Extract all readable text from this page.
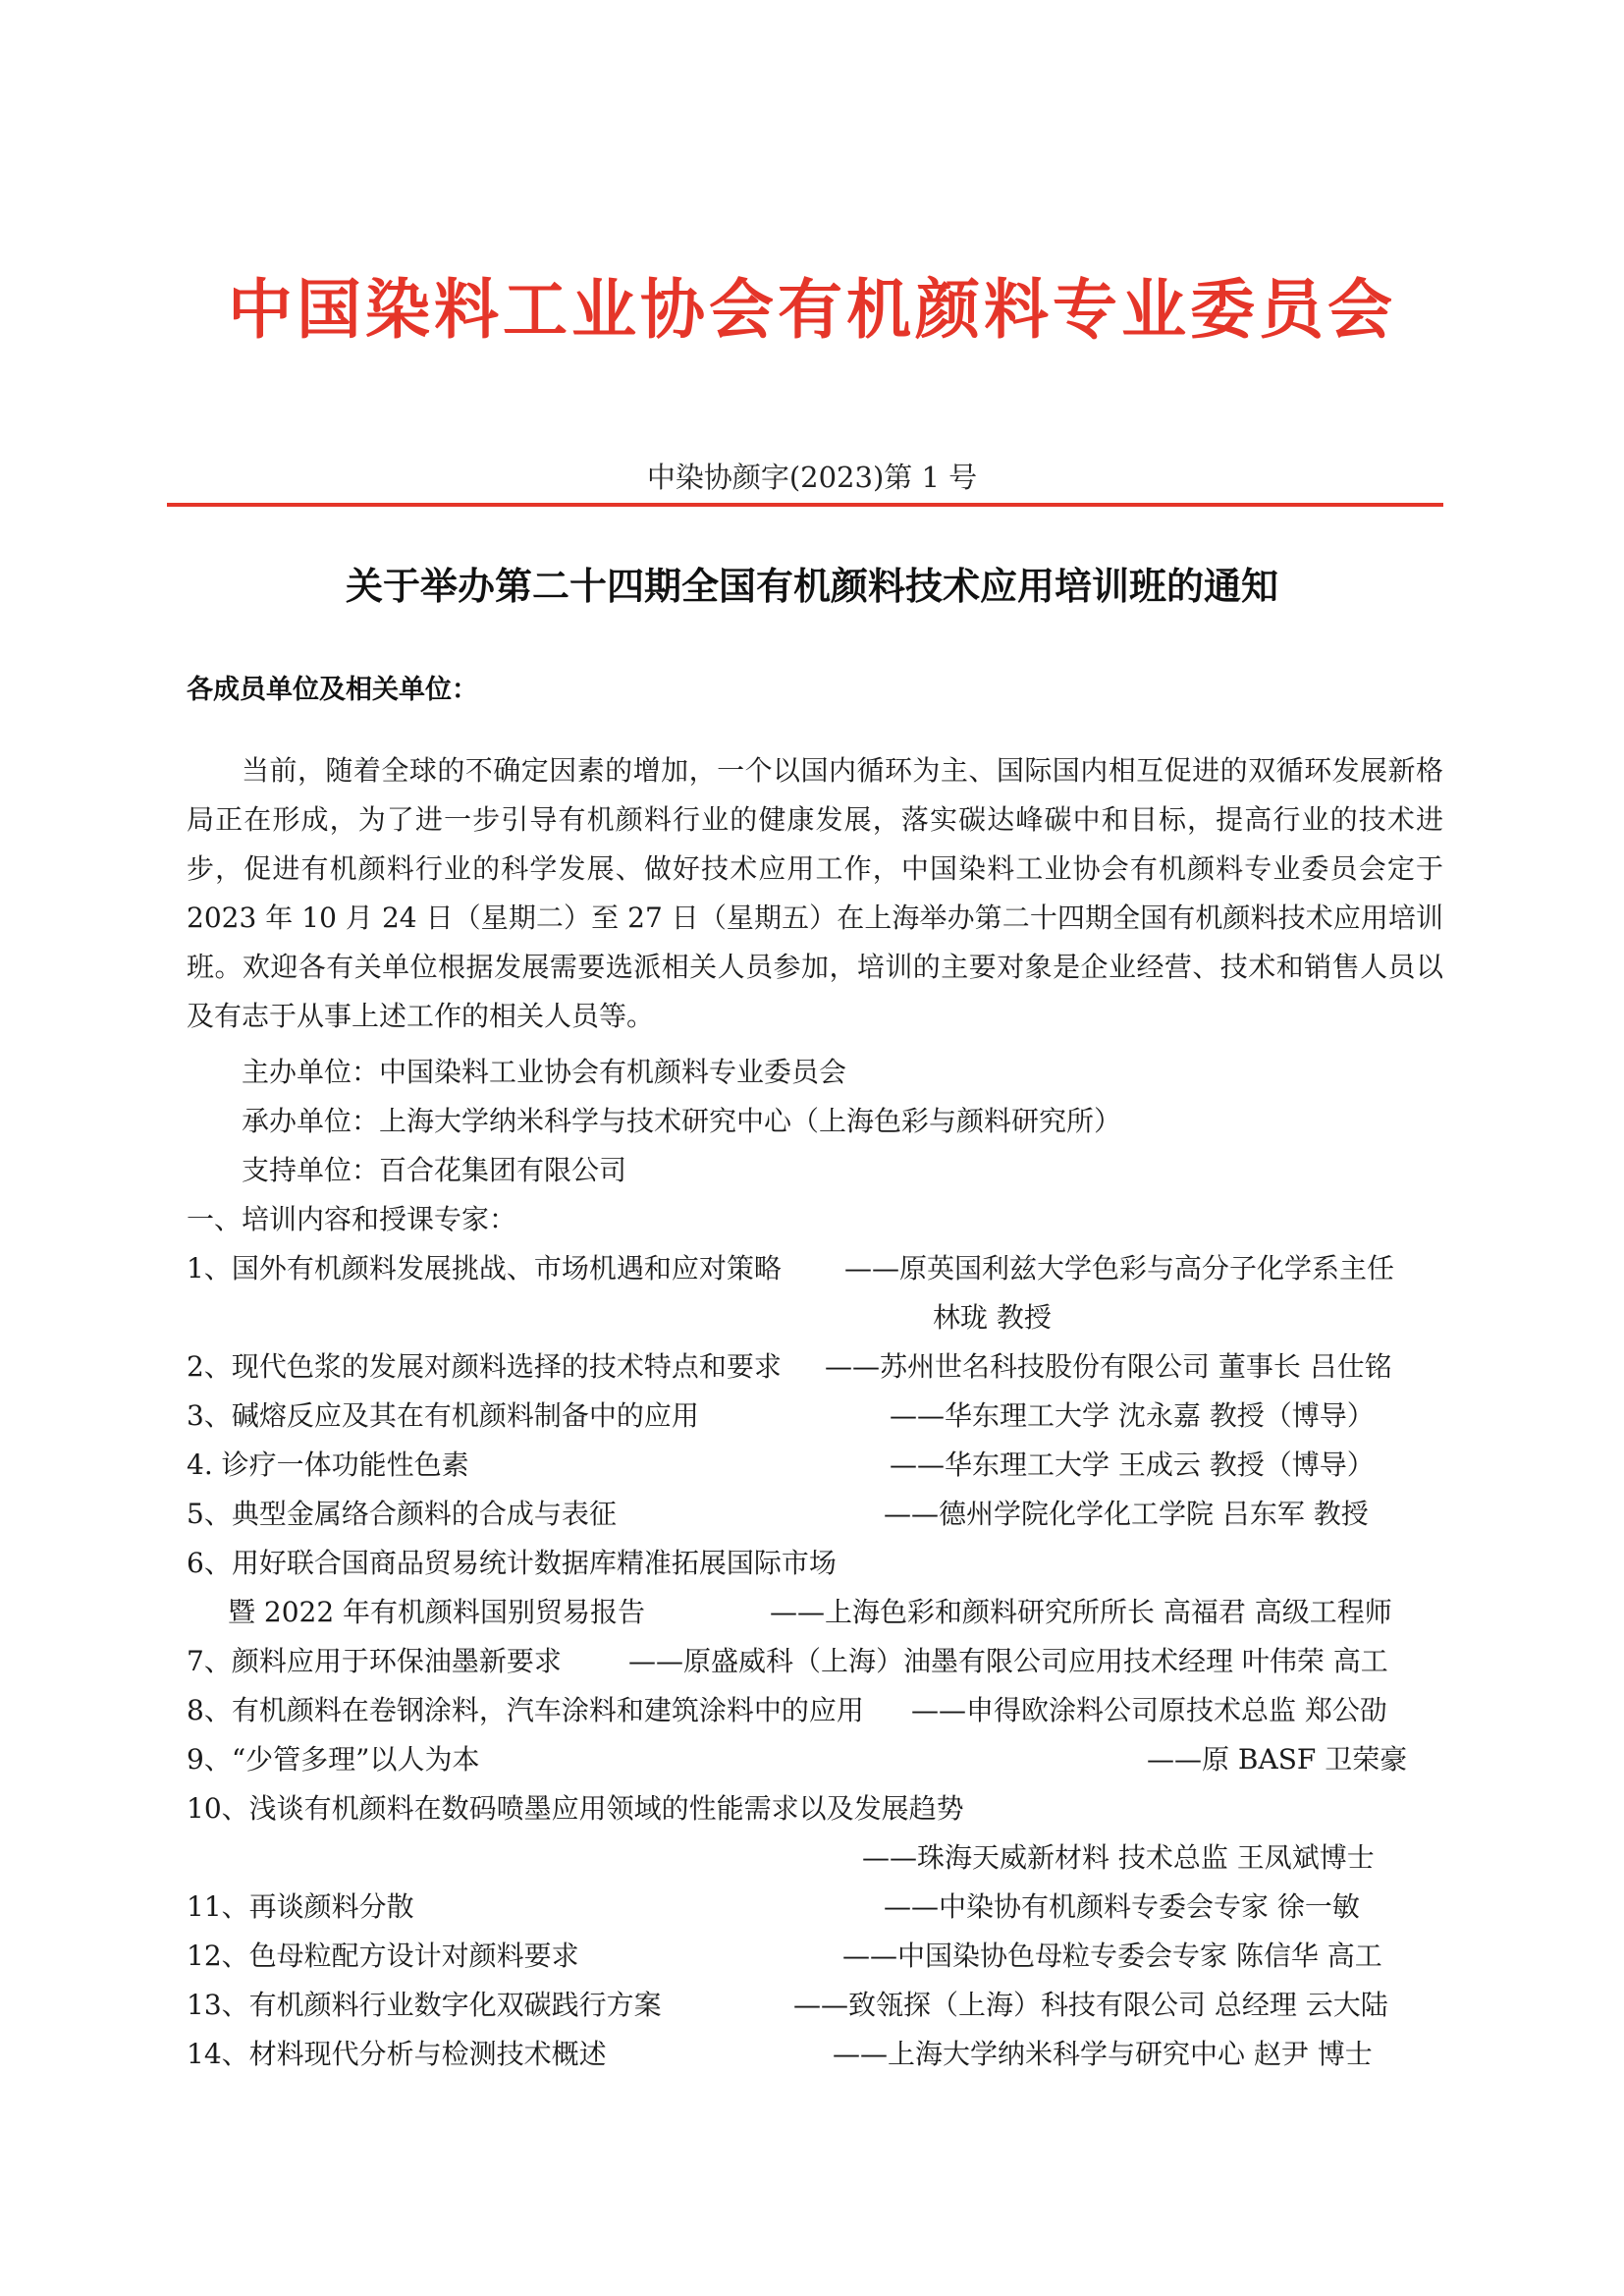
中国染料工业协会有机颜料专业委员会
中染协颜字(2023)第 1 号
关于举办第二十四期全国有机颜料技术应用培训班的通知
各成员单位及相关单位：
当前，随着全球的不确定因素的增加，一个以国内循环为主、国际国内相互促进的双循环发展新格局正在形成，为了进一步引导有机颜料行业的健康发展，落实碳达峰碳中和目标，提高行业的技术进步，促进有机颜料行业的科学发展、做好技术应用工作，中国染料工业协会有机颜料专业委员会定于 2023 年 10 月 24 日（星期二）至 27 日（星期五）在上海举办第二十四期全国有机颜料技术应用培训班。欢迎各有关单位根据发展需要选派相关人员参加，培训的主要对象是企业经营、技术和销售人员以及有志于从事上述工作的相关人员等。
主办单位：中国染料工业协会有机颜料专业委员会
承办单位：上海大学纳米科学与技术研究中心（上海色彩与颜料研究所）
支持单位：百合花集团有限公司
一、培训内容和授课专家：
1、国外有机颜料发展挑战、市场机遇和应对策略 ——原英国利兹大学色彩与高分子化学系主任
林珑 教授
2、现代色浆的发展对颜料选择的技术特点和要求 ——苏州世名科技股份有限公司 董事长 吕仕铭
3、碱熔反应及其在有机颜料制备中的应用	——华东理工大学 沈永嘉 教授（博导）
4. 诊疗一体功能性色素	——华东理工大学 王成云 教授（博导）
5、典型金属络合颜料的合成与表征	——德州学院化学化工学院 吕东军 教授
6、用好联合国商品贸易统计数据库精准拓展国际市场
暨 2022 年有机颜料国别贸易报告	——上海色彩和颜料研究所所长 高福君 高级工程师
7、颜料应用于环保油墨新要求 ——原盛威科（上海）油墨有限公司应用技术经理 叶伟荣 高工
8、有机颜料在卷钢涂料，汽车涂料和建筑涂料中的应用 ——申得欧涂料公司原技术总监 郑公劭
9、“少管多理”以人为本	——原 BASF 卫荣豪
10、浅谈有机颜料在数码喷墨应用领域的性能需求以及发展趋势
——珠海天威新材料 技术总监 王凤斌博士
11、再谈颜料分散	——中染协有机颜料专委会专家 徐一敏
12、色母粒配方设计对颜料要求	——中国染协色母粒专委会专家 陈信华 高工
13、有机颜料行业数字化双碳践行方案	——致瓴探（上海）科技有限公司 总经理 云大陆
14、材料现代分析与检测技术概述	——上海大学纳米科学与研究中心 赵尹 博士
